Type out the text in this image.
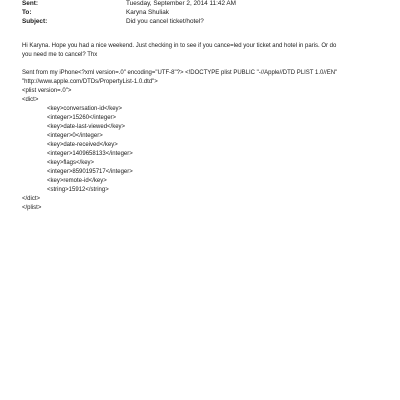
Sent:	Tuesday, September 2, 2014 11:42 AM
To:	Karyna Shuliak
Subject:	Did you cancel ticket/hotel?
Hi Karyna. Hope you had a nice weekend. Just checking in to see if you cance=led your ticket and hotel in paris. Or do
you need me to cancel? Thx
Sent from my iPhone<?xml version=.0" encoding="UTF-8"?> <!DOCTYPE plist PUBLIC "-//Apple//DTD PLIST 1.0//EN"
"http://www.apple.com/DTDs/PropertyList-1.0.dtd">
<plist version=.0">
<dict>
<key>conversation-id</key>
<integer>15260</integer>
<key>date-last-viewed</key>
<integer>0</integer>
<key>date-received</key>
<integer>1409658133</integer>
<key>flags</key>
<integer>8590195717</integer>
<key>remote-id</key>
<string>15912</string>
</dict>
</plist>
